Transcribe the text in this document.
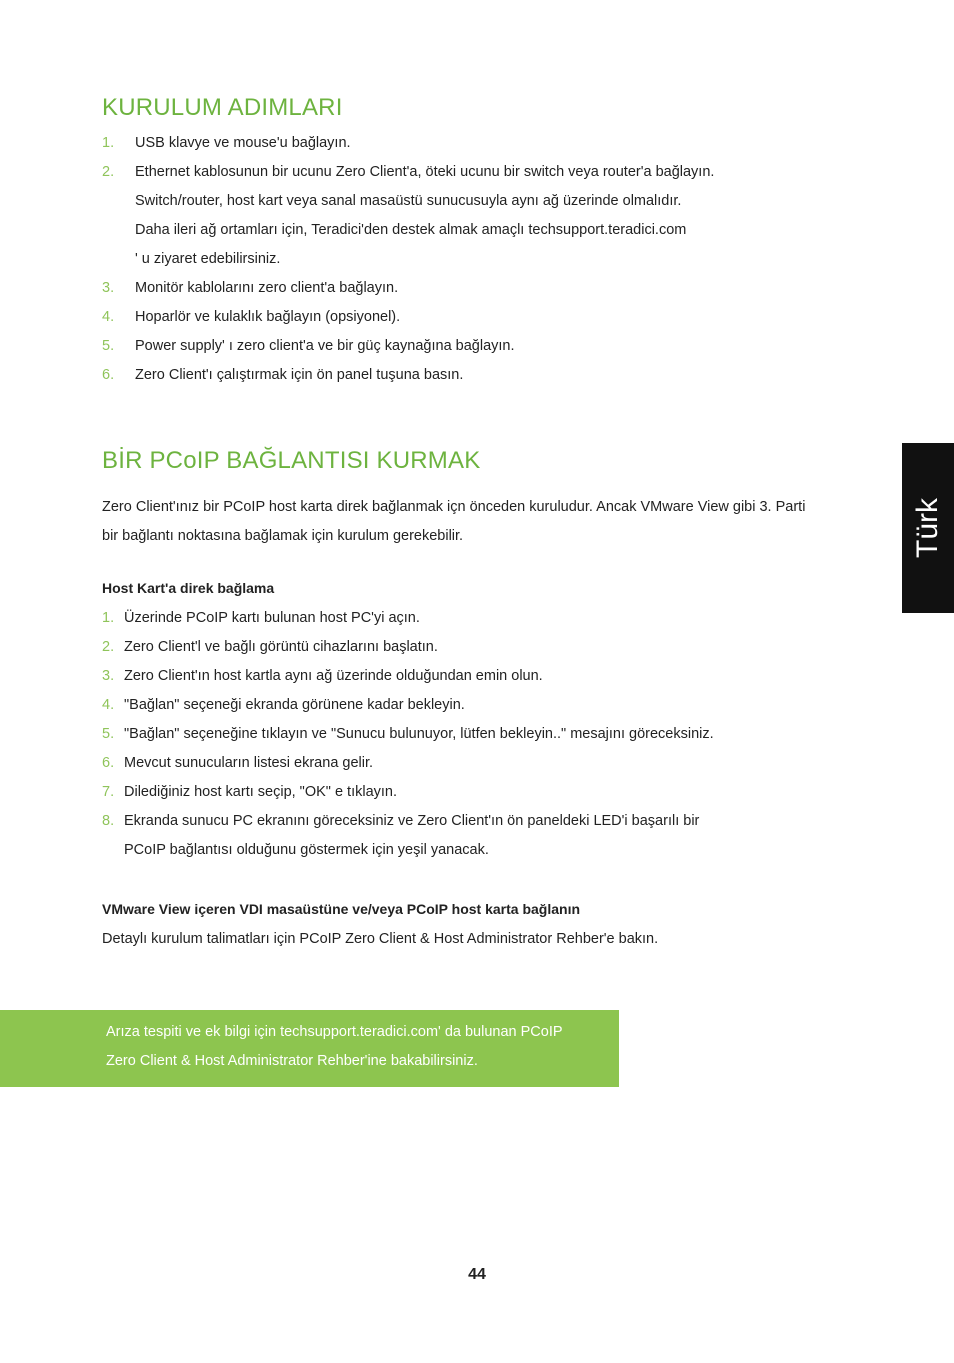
KURULUM ADIMLARI
1. USB klavye ve mouse'u bağlayın.
2. Ethernet kablosunun bir ucunu Zero Client'a, öteki ucunu bir switch veya router'a bağlayın.
Switch/router, host kart veya sanal masaüstü sunucusuyla aynı ağ üzerinde olmalıdır.
Daha ileri ağ ortamları için, Teradici'den destek almak amaçlı techsupport.teradici.com
' u ziyaret edebilirsiniz.
3. Monitör kablolarını zero client'a bağlayın.
4. Hoparlör ve kulaklık bağlayın (opsiyonel).
5. Power supply' ı zero client'a ve bir güç kaynağına bağlayın.
6. Zero Client'ı çalıştırmak için ön panel tuşuna basın.
BİR PCoIP BAĞLANTISI KURMAK
Zero Client'ınız bir PCoIP host karta direk bağlanmak içn önceden kuruludur. Ancak VMware View gibi 3. Parti
bir bağlantı noktasına bağlamak için kurulum gerekebilir.
Host Kart'a direk bağlama
1. Üzerinde PCoIP kartı bulunan host PC'yi açın.
2. Zero Client'l ve bağlı görüntü cihazlarını başlatın.
3. Zero Client'ın host kartla aynı ağ üzerinde olduğundan emin olun.
4. "Bağlan" seçeneği ekranda görünene kadar bekleyin.
5. "Bağlan" seçeneğine tıklayın ve "Sunucu bulunuyor, lütfen bekleyin.." mesajını göreceksiniz.
6. Mevcut sunucuların listesi ekrana gelir.
7. Dilediğiniz host kartı seçip, "OK" e tıklayın.
8. Ekranda sunucu PC ekranını göreceksiniz ve Zero Client'ın ön paneldeki LED'i başarılı bir
PCoIP bağlantısı olduğunu göstermek için yeşil yanacak.
VMware View içeren VDI masaüstüne ve/veya PCoIP host karta bağlanın
Detaylı kurulum talimatları için PCoIP Zero Client & Host Administrator Rehber'e bakın.

Arıza tespiti ve ek bilgi için techsupport.teradici.com' da bulunan PCoIP

Zero Client & Host Administrator Rehber'ine bakabilirsiniz.

Türk
44
